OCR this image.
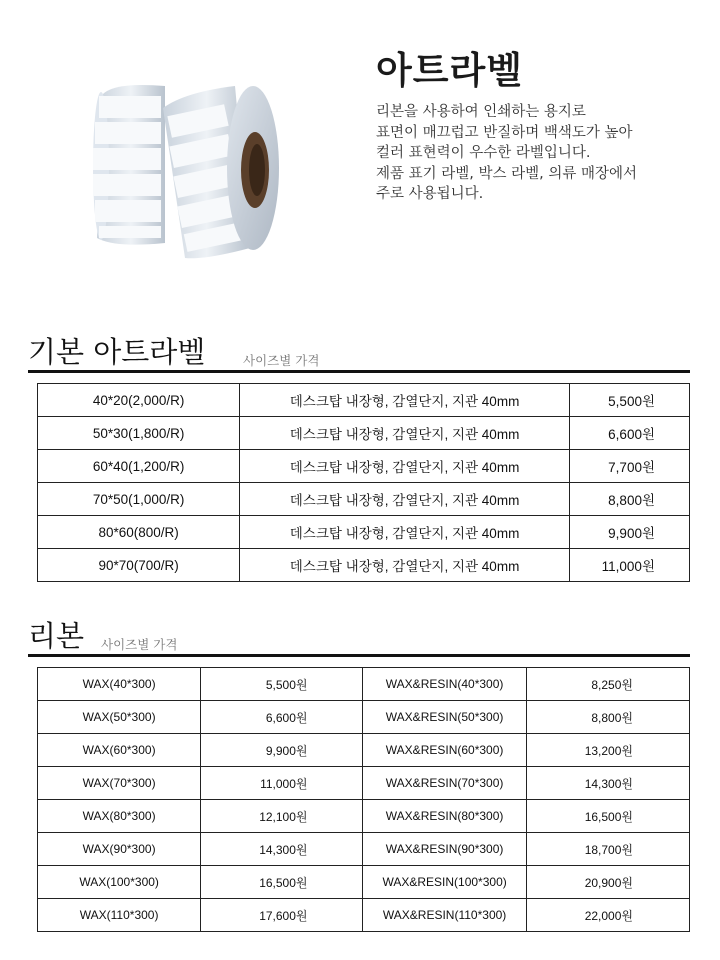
아트라벨
리본을 사용하여 인쇄하는 용지로
표면이 매끄럽고 반질하며 백색도가 높아
컬러 표현력이 우수한 라벨입니다.
제품 표기 라벨, 박스 라벨, 의류 매장에서
주로 사용됩니다.
기본 아트라벨	사이즈별 가격
40*20(2,000/R)	데스크탑 내장형, 감열단지, 지관 40mm	5,500원
50*30(1,800/R)	데스크탑 내장형, 감열단지, 지관 40mm	6,600원
60*40(1,200/R)	데스크탑 내장형, 감열단지, 지관 40mm	7,700원
70*50(1,000/R)	데스크탑 내장형, 감열단지, 지관 40mm	8,800원
80*60(800/R)	데스크탑 내장형, 감열단지, 지관 40mm	9,900원
90*70(700/R)	데스크탑 내장형, 감열단지, 지관 40mm	11,000원
리본 사이즈별 가격
WAX(40*300)	5,500원	WAX&RESIN(40*300)	8,250원
WAX(50*300)	6,600원	WAX&RESIN(50*300)	8,800원
WAX(60*300)	9,900원	WAX&RESIN(60*300)	13,200원
WAX(70*300)	11,000원	WAX&RESIN(70*300)	14,300원
WAX(80*300)	12,100원	WAX&RESIN(80*300)	16,500원
WAX(90*300)	14,300원	WAX&RESIN(90*300)	18,700원
WAX(100*300)	16,500원	WAX&RESIN(100*300)	20,900원
WAX(110*300)	17,600원	WAX&RESIN(110*300)	22,000원
